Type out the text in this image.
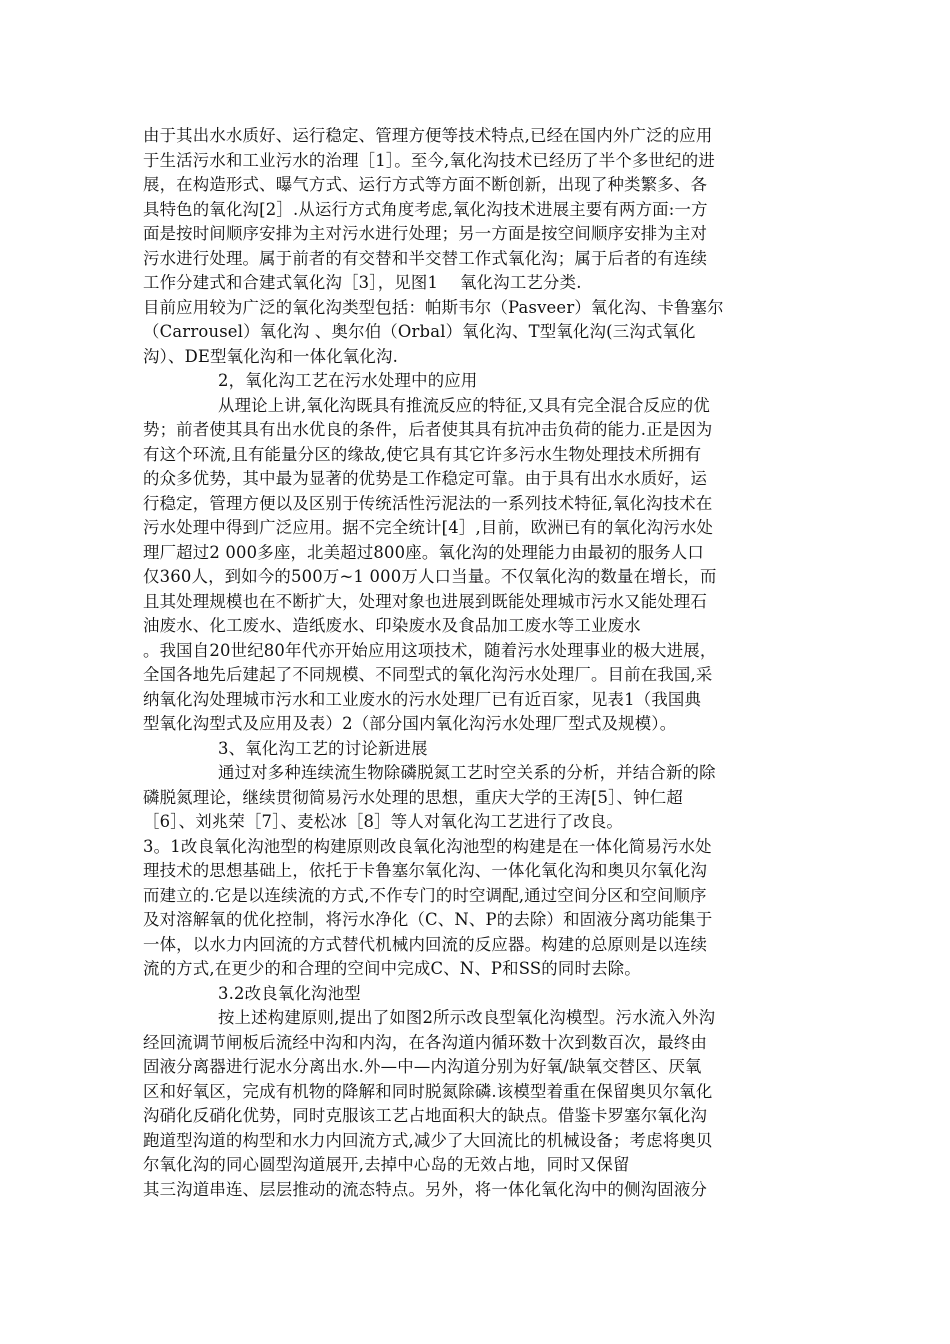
由于其出水水质好、运行稳定、管理方便等技术特点,已经在国内外广泛的应用
于生活污水和工业污水的治理［1］。至今,氧化沟技术已经历了半个多世纪的进
展，在构造形式、曝气方式、运行方式等方面不断创新，出现了种类繁多、各
具特色的氧化沟[2］.从运行方式角度考虑,氧化沟技术进展主要有两方面:一方
面是按时间顺序安排为主对污水进行处理；另一方面是按空间顺序安排为主对
污水进行处理。属于前者的有交替和半交替工作式氧化沟；属于后者的有连续
工作分建式和合建式氧化沟［3］，见图1　 氧化沟工艺分类.
目前应用较为广泛的氧化沟类型包括：帕斯韦尔（Pasveer）氧化沟、卡鲁塞尔
（Carrousel）氧化沟 、奥尔伯（Orbal）氧化沟、T型氧化沟(三沟式氧化
沟）、DE型氧化沟和一体化氧化沟.
2，氧化沟工艺在污水处理中的应用
从理论上讲,氧化沟既具有推流反应的特征,又具有完全混合反应的优
势；前者使其具有出水优良的条件，后者使其具有抗冲击负荷的能力.正是因为
有这个环流,且有能量分区的缘故,使它具有其它许多污水生物处理技术所拥有
的众多优势，其中最为显著的优势是工作稳定可靠。由于具有出水水质好，运
行稳定，管理方便以及区别于传统活性污泥法的一系列技术特征,氧化沟技术在
污水处理中得到广泛应用。据不完全统计[4］,目前，欧洲已有的氧化沟污水处
理厂超过2 000多座，北美超过800座。氧化沟的处理能力由最初的服务人口
仅360人，到如今的500万~1 000万人口当量。不仅氧化沟的数量在增长，而
且其处理规模也在不断扩大，处理对象也进展到既能处理城市污水又能处理石
油废水、化工废水、造纸废水、印染废水及食品加工废水等工业废水
。我国自20世纪80年代亦开始应用这项技术，随着污水处理事业的极大进展，
全国各地先后建起了不同规模、不同型式的氧化沟污水处理厂。目前在我国,采
纳氧化沟处理城市污水和工业废水的污水处理厂已有近百家，见表1（我国典
型氧化沟型式及应用及表）2（部分国内氧化沟污水处理厂型式及规模）。
3、氧化沟工艺的讨论新进展
通过对多种连续流生物除磷脱氮工艺时空关系的分析，并结合新的除
磷脱氮理论，继续贯彻简易污水处理的思想，重庆大学的王涛[5］、钟仁超
［6］、刘兆荣［7］、麦松冰［8］等人对氧化沟工艺进行了改良。
3。1改良氧化沟池型的构建原则改良氧化沟池型的构建是在一体化简易污水处
理技术的思想基础上，依托于卡鲁塞尔氧化沟、一体化氧化沟和奥贝尔氧化沟
而建立的.它是以连续流的方式,不作专门的时空调配,通过空间分区和空间顺序
及对溶解氧的优化控制，将污水净化（C、N、P的去除）和固液分离功能集于
一体，以水力内回流的方式替代机械内回流的反应器。构建的总原则是以连续
流的方式,在更少的和合理的空间中完成C、N、P和SS的同时去除。
3.2改良氧化沟池型
按上述构建原则,提出了如图2所示改良型氧化沟模型。污水流入外沟
经回流调节闸板后流经中沟和内沟，在各沟道内循环数十次到数百次，最终由
固液分离器进行泥水分离出水.外—中—内沟道分别为好氧/缺氧交替区、厌氧
区和好氧区，完成有机物的降解和同时脱氮除磷.该模型着重在保留奥贝尔氧化
沟硝化反硝化优势，同时克服该工艺占地面积大的缺点。借鉴卡罗塞尔氧化沟
跑道型沟道的构型和水力内回流方式,减少了大回流比的机械设备；考虑将奥贝
尔氧化沟的同心圆型沟道展开,去掉中心岛的无效占地，同时又保留
其三沟道串连、层层推动的流态特点。另外，将一体化氧化沟中的侧沟固液分
